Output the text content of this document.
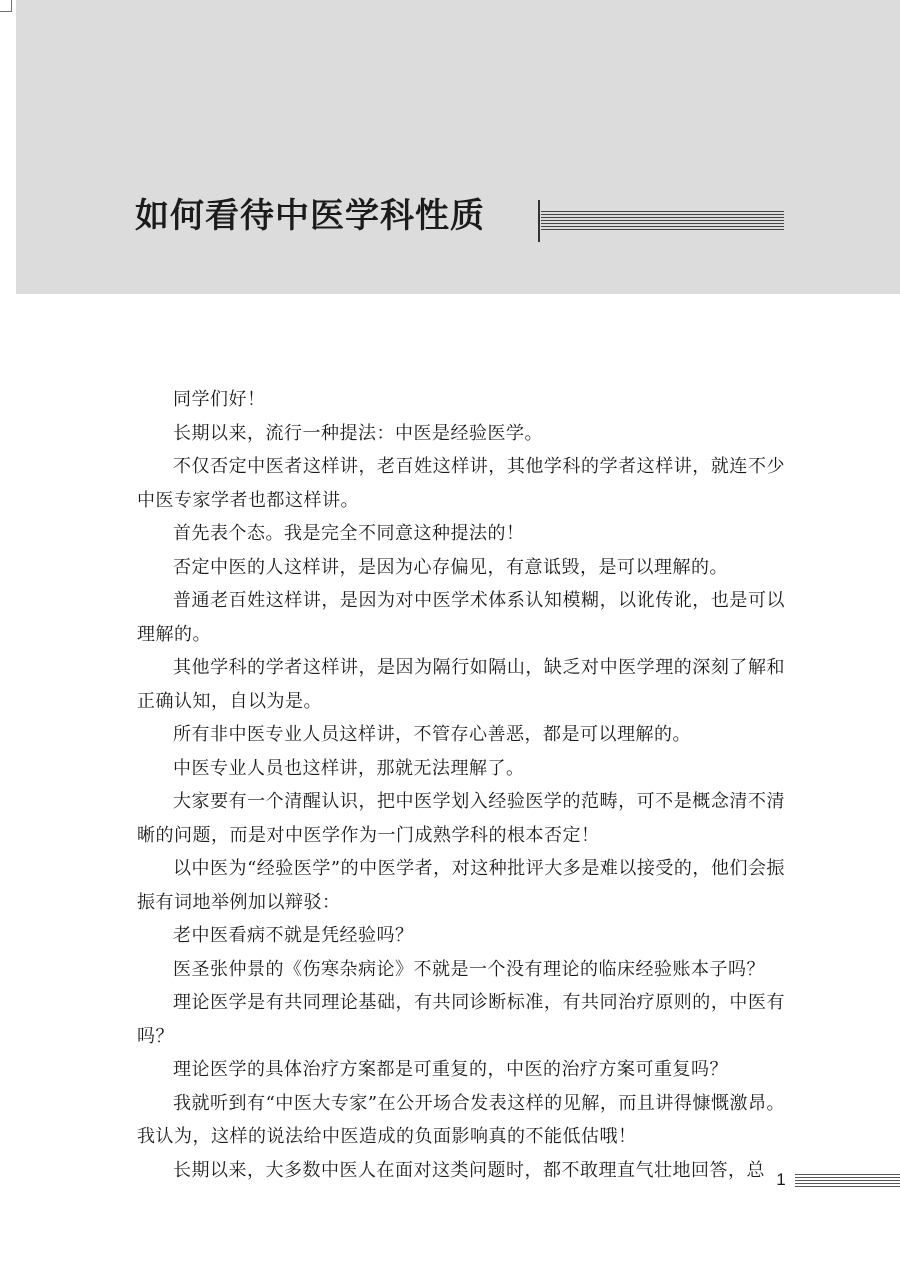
如何看待中医学科性质

同学们好！

长期以来，流行一种提法：中医是经验医学。

不仅否定中医者这样讲，老百姓这样讲，其他学科的学者这样讲，就连不少中医专家学者也都这样讲。

首先表个态。我是完全不同意这种提法的！

否定中医的人这样讲，是因为心存偏见，有意诋毁，是可以理解的。

普通老百姓这样讲，是因为对中医学术体系认知模糊，以讹传讹，也是可以理解的。

其他学科的学者这样讲，是因为隔行如隔山，缺乏对中医学理的深刻了解和正确认知，自以为是。

所有非中医专业人员这样讲，不管存心善恶，都是可以理解的。

中医专业人员也这样讲，那就无法理解了。

大家要有一个清醒认识，把中医学划入经验医学的范畴，可不是概念清不清晰的问题，而是对中医学作为一门成熟学科的根本否定！

以中医为“经验医学”的中医学者，对这种批评大多是难以接受的，他们会振振有词地举例加以辩驳：

老中医看病不就是凭经验吗？

医圣张仲景的《伤寒杂病论》不就是一个没有理论的临床经验账本子吗？

理论医学是有共同理论基础，有共同诊断标准，有共同治疗原则的，中医有吗？

理论医学的具体治疗方案都是可重复的，中医的治疗方案可重复吗？

我就听到有“中医大专家”在公开场合发表这样的见解，而且讲得慷慨激昂。我认为，这样的说法给中医造成的负面影响真的不能低估哦！

长期以来，大多数中医人在面对这类问题时，都不敢理直气壮地回答，总 1
